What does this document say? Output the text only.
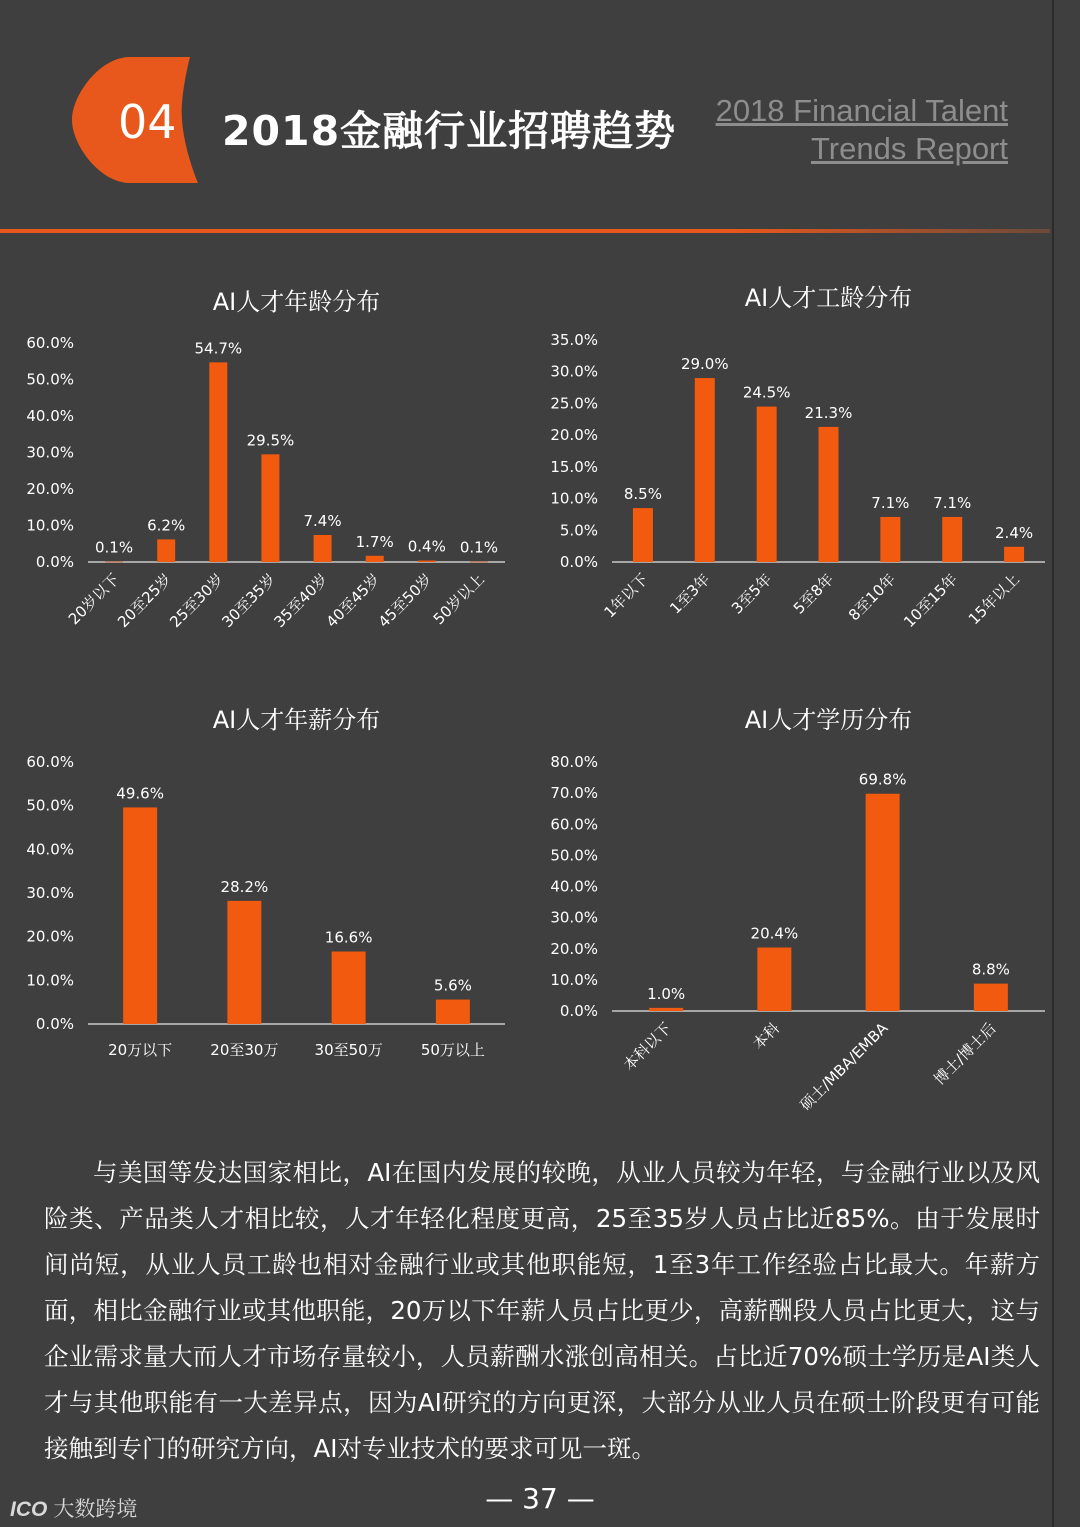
04 2018金融行业招聘趋势 2018 Financial Talent
Trends Report
AI人才年龄分布
0.0%
10.0%
20.0%
30.0%
40.0%
50.0%
60.0%
0.1%
20岁以下
6.2%
20至25岁
54.7%
25至30岁
29.5%
30至35岁
7.4%
35至40岁
1.7%
40至45岁
0.4%
45至50岁
0.1%
50岁以上
AI人才工龄分布
0.0%
5.0%
10.0%
15.0%
20.0%
25.0%
30.0%
35.0%
8.5%
1年以下
29.0%
1至3年
24.5%
3至5年
21.3%
5至8年
7.1%
8至10年
7.1%
10至15年
2.4%
15年以上
AI人才年薪分布
0.0%
10.0%
20.0%
30.0%
40.0%
50.0%
60.0%
49.6%
20万以下
28.2%
20至30万
16.6%
30至50万
5.6%
50万以上
AI人才学历分布
0.0%
10.0%
20.0%
30.0%
40.0%
50.0%
60.0%
70.0%
80.0%
1.0%
本科以下
20.4%
本科
69.8%
硕士/MBA/EMBA
8.8%
博士/博士后
与美国等发达国家相比，AI在国内发展的较晚，从业人员较为年轻，与金融行业以及风险类、产品类人才相比较，人才年轻化程度更高，25至35岁人员占比近85%。由于发展时间尚短，从业人员工龄也相对金融行业或其他职能短，1至3年工作经验占比最大。年薪方面，相比金融行业或其他职能，20万以下年薪人员占比更少，高薪酬段人员占比更大，这与企业需求量大而人才市场存量较小，人员薪酬水涨创高相关。占比近70%硕士学历是AI类人才与其他职能有一大差异点，因为AI研究的方向更深，大部分从业人员在硕士阶段更有可能接触到专门的研究方向，AI对专业技术的要求可见一斑。
— 37 —
ICO 大数跨境
